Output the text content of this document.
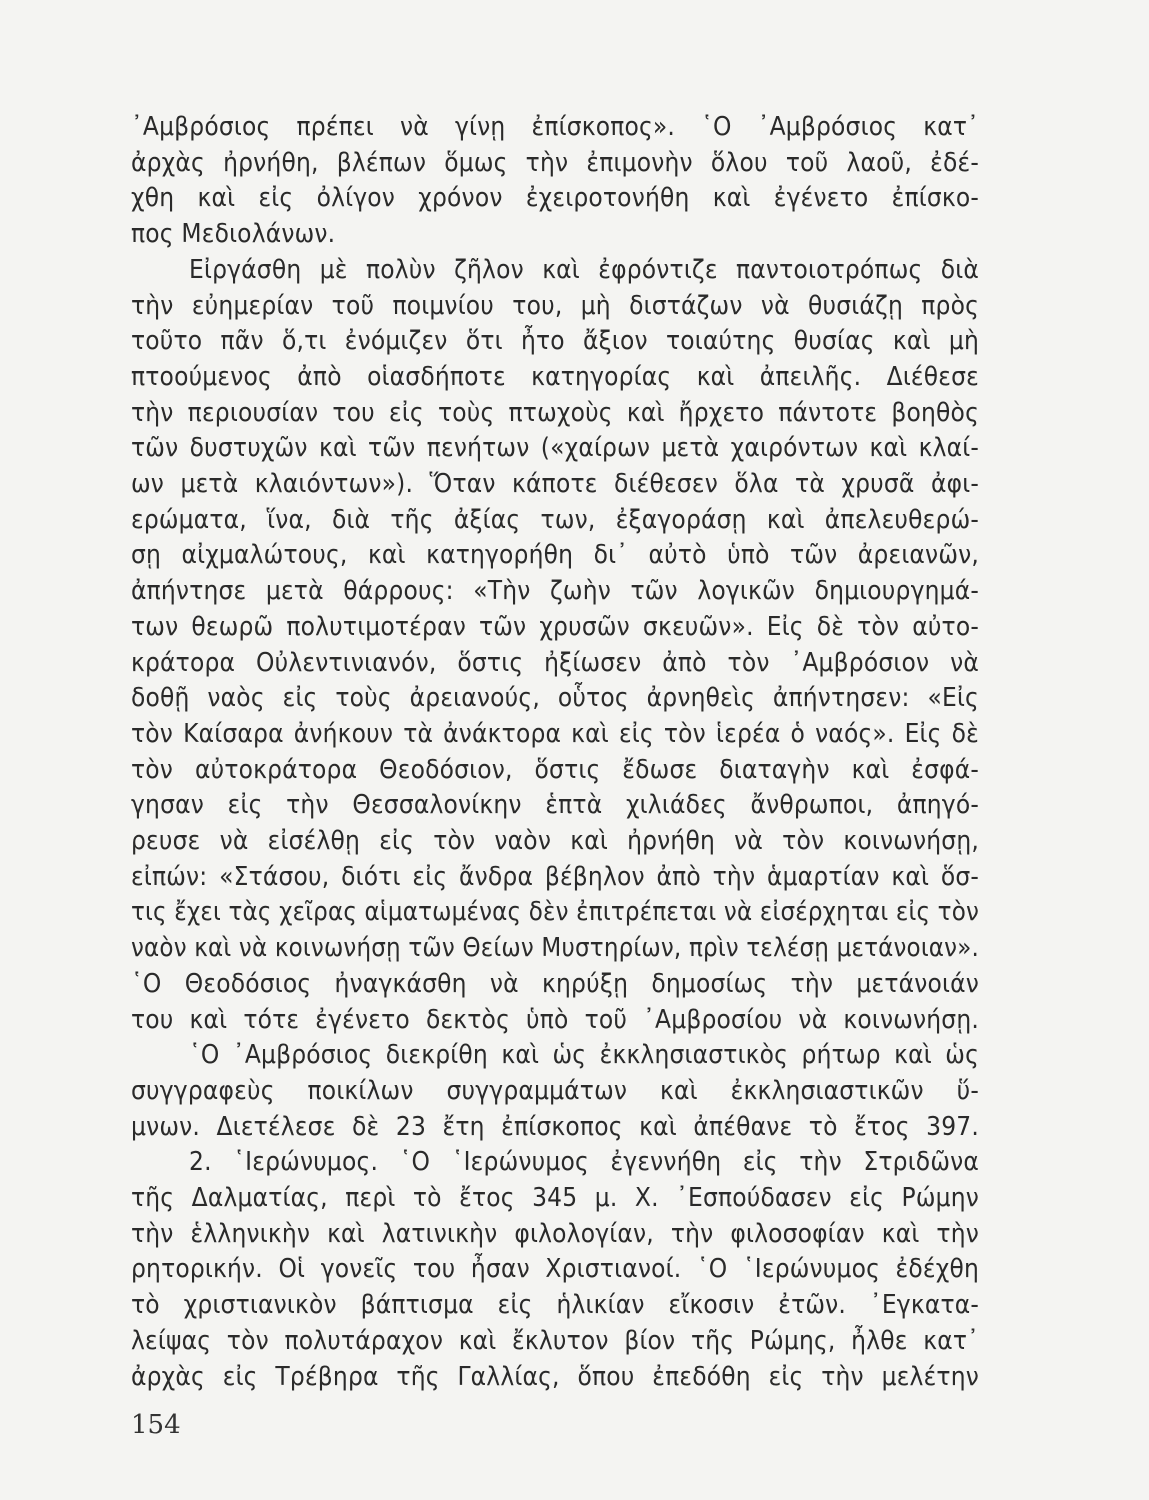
᾿Αμβρόσιος πρέπει νὰ γίνῃ ἐπίσκοπος». ῾Ο ᾿Αμβρόσιος κατ᾿
ἀρχὰς ἠρνήθη, βλέπων ὅμως τὴν ἐπιμονὴν ὅλου τοῦ λαοῦ, ἐδέ-
χθη καὶ εἰς ὀλίγον χρόνον ἐχειροτονήθη καὶ ἐγένετο ἐπίσκο-
πος Μεδιολάνων.
Εἰργάσθη μὲ πολὺν ζῆλον καὶ ἐφρόντιζε παντοιοτρόπως διὰ
τὴν εὐημερίαν τοῦ ποιμνίου του, μὴ διστάζων νὰ θυσιάζῃ πρὸς
τοῦτο πᾶν ὅ,τι ἐνόμιζεν ὅτι ἦτο ἄξιον τοιαύτης θυσίας καὶ μὴ
πτοούμενος ἀπὸ οἱασδήποτε κατηγορίας καὶ ἀπειλῆς. Διέθεσε
τὴν περιουσίαν του εἰς τοὺς πτωχοὺς καὶ ἤρχετο πάντοτε βοηθὸς
τῶν δυστυχῶν καὶ τῶν πενήτων («χαίρων μετὰ χαιρόντων καὶ κλαί-
ων μετὰ κλαιόντων»). Ὅταν κάποτε διέθεσεν ὅλα τὰ χρυσᾶ ἀφι-
ερώματα, ἵνα, διὰ τῆς ἀξίας των, ἐξαγοράσῃ καὶ ἀπελευθερώ-
σῃ αἰχμαλώτους, καὶ κατηγορήθη δι᾿ αὐτὸ ὑπὸ τῶν ἀρειανῶν,
ἀπήντησε μετὰ θάρρους: «Τὴν ζωὴν τῶν λογικῶν δημιουργημά-
των θεωρῶ πολυτιμοτέραν τῶν χρυσῶν σκευῶν». Εἰς δὲ τὸν αὐτο-
κράτορα Οὐλεντινιανόν, ὅστις ἠξίωσεν ἀπὸ τὸν ᾿Αμβρόσιον νὰ
δοθῇ ναὸς εἰς τοὺς ἀρειανούς, οὗτος ἀρνηθεὶς ἀπήντησεν: «Εἰς
τὸν Καίσαρα ἀνήκουν τὰ ἀνάκτορα καὶ εἰς τὸν ἱερέα ὁ ναός». Εἰς δὲ
τὸν αὐτοκράτορα Θεοδόσιον, ὅστις ἔδωσε διαταγὴν καὶ ἐσφά-
γησαν εἰς τὴν Θεσσαλονίκην ἑπτὰ χιλιάδες ἄνθρωποι, ἀπηγό-
ρευσε νὰ εἰσέλθῃ εἰς τὸν ναὸν καὶ ἠρνήθη νὰ τὸν κοινωνήσῃ,
εἰπών: «Στάσου, διότι εἰς ἄνδρα βέβηλον ἀπὸ τὴν ἁμαρτίαν καὶ ὅσ-
τις ἔχει τὰς χεῖρας αἱματωμένας δὲν ἐπιτρέπεται νὰ εἰσέρχηται εἰς τὸν
ναὸν καὶ νὰ κοινωνήσῃ τῶν Θείων Μυστηρίων, πρὶν τελέσῃ μετάνοιαν».
῾Ο Θεοδόσιος ἠναγκάσθη νὰ κηρύξῃ δημοσίως τὴν μετάνοιάν
του καὶ τότε ἐγένετο δεκτὸς ὑπὸ τοῦ ᾿Αμβροσίου νὰ κοινωνήσῃ.
῾Ο ᾿Αμβρόσιος διεκρίθη καὶ ὡς ἐκκλησιαστικὸς ρήτωρ καὶ ὡς
συγγραφεὺς ποικίλων συγγραμμάτων καὶ ἐκκλησιαστικῶν ὕ-
μνων. Διετέλεσε δὲ 23 ἔτη ἐπίσκοπος καὶ ἀπέθανε τὸ ἔτος 397.
2. ῾Ιερώνυμος. ῾Ο ῾Ιερώνυμος ἐγεννήθη εἰς τὴν Στριδῶνα
τῆς Δαλματίας, περὶ τὸ ἔτος 345 μ. Χ. ᾿Εσπούδασεν εἰς Ρώμην
τὴν ἑλληνικὴν καὶ λατινικὴν φιλολογίαν, τὴν φιλοσοφίαν καὶ τὴν
ρητορικήν. Οἱ γονεῖς του ἦσαν Χριστιανοί. ῾Ο ῾Ιερώνυμος ἐδέχθη
τὸ χριστιανικὸν βάπτισμα εἰς ἡλικίαν εἴκοσιν ἐτῶν. ᾿Εγκατα-
λείψας τὸν πολυτάραχον καὶ ἔκλυτον βίον τῆς Ρώμης, ἦλθε κατ᾿
ἀρχὰς εἰς Τρέβηρα τῆς Γαλλίας, ὅπου ἐπεδόθη εἰς τὴν μελέτην
154
